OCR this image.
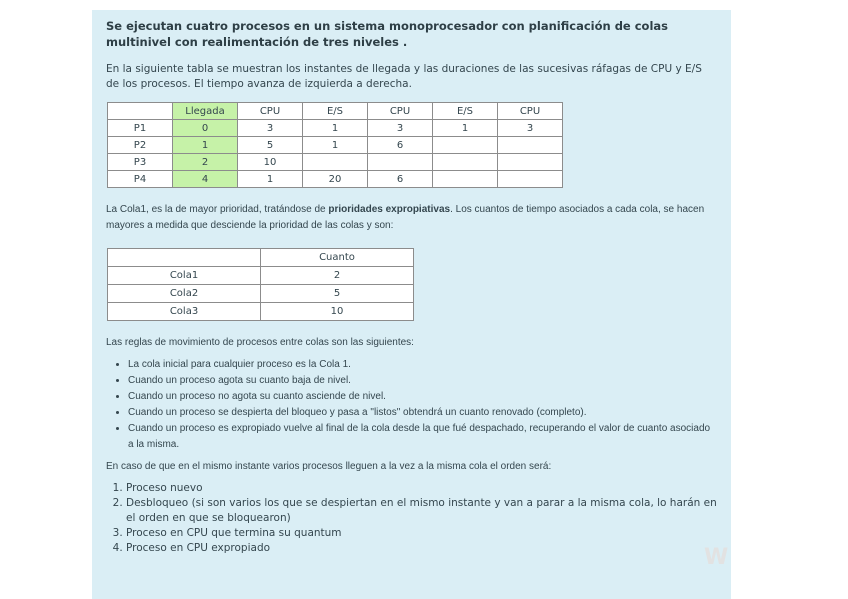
Se ejecutan cuatro procesos en un sistema monoprocesador con planificación de colas multinivel con realimentación de tres niveles .

En la siguiente tabla se muestran los instantes de llegada y las duraciones de las sucesivas ráfagas de CPU y E/S de los procesos. El tiempo avanza de izquierda a derecha.

	Llegada	CPU	E/S	CPU	E/S	CPU
P1	0	3	1	3	1	3
P2	1	5	1	6		
P3	2	10				
P4	4	1	20	6		

La Cola1, es la de mayor prioridad, tratándose de prioridades expropiativas. Los cuantos de tiempo asociados a cada cola, se hacen mayores a medida que desciende la prioridad de las colas y son:

	Cuanto
Cola1	2
Cola2	5
Cola3	10

Las reglas de movimiento de procesos entre colas son las siguientes:

• La cola inicial para cualquier proceso es la Cola 1.
• Cuando un proceso agota su cuanto baja de nivel.
• Cuando un proceso no agota su cuanto asciende de nivel.
• Cuando un proceso se despierta del bloqueo y pasa a "listos" obtendrá un cuanto renovado (completo).
• Cuando un proceso es expropiado vuelve al final de la cola desde la que fué despachado, recuperando el valor de cuanto asociado a la misma.

En caso de que en el mismo instante varios procesos lleguen a la vez a la misma cola el orden será:

1. Proceso nuevo
2. Desbloqueo (si son varios los que se despiertan en el mismo instante y van a parar a la misma cola, lo harán en el orden en que se bloquearon)
3. Proceso en CPU que termina su quantum
4. Proceso en CPU expropiado	W
